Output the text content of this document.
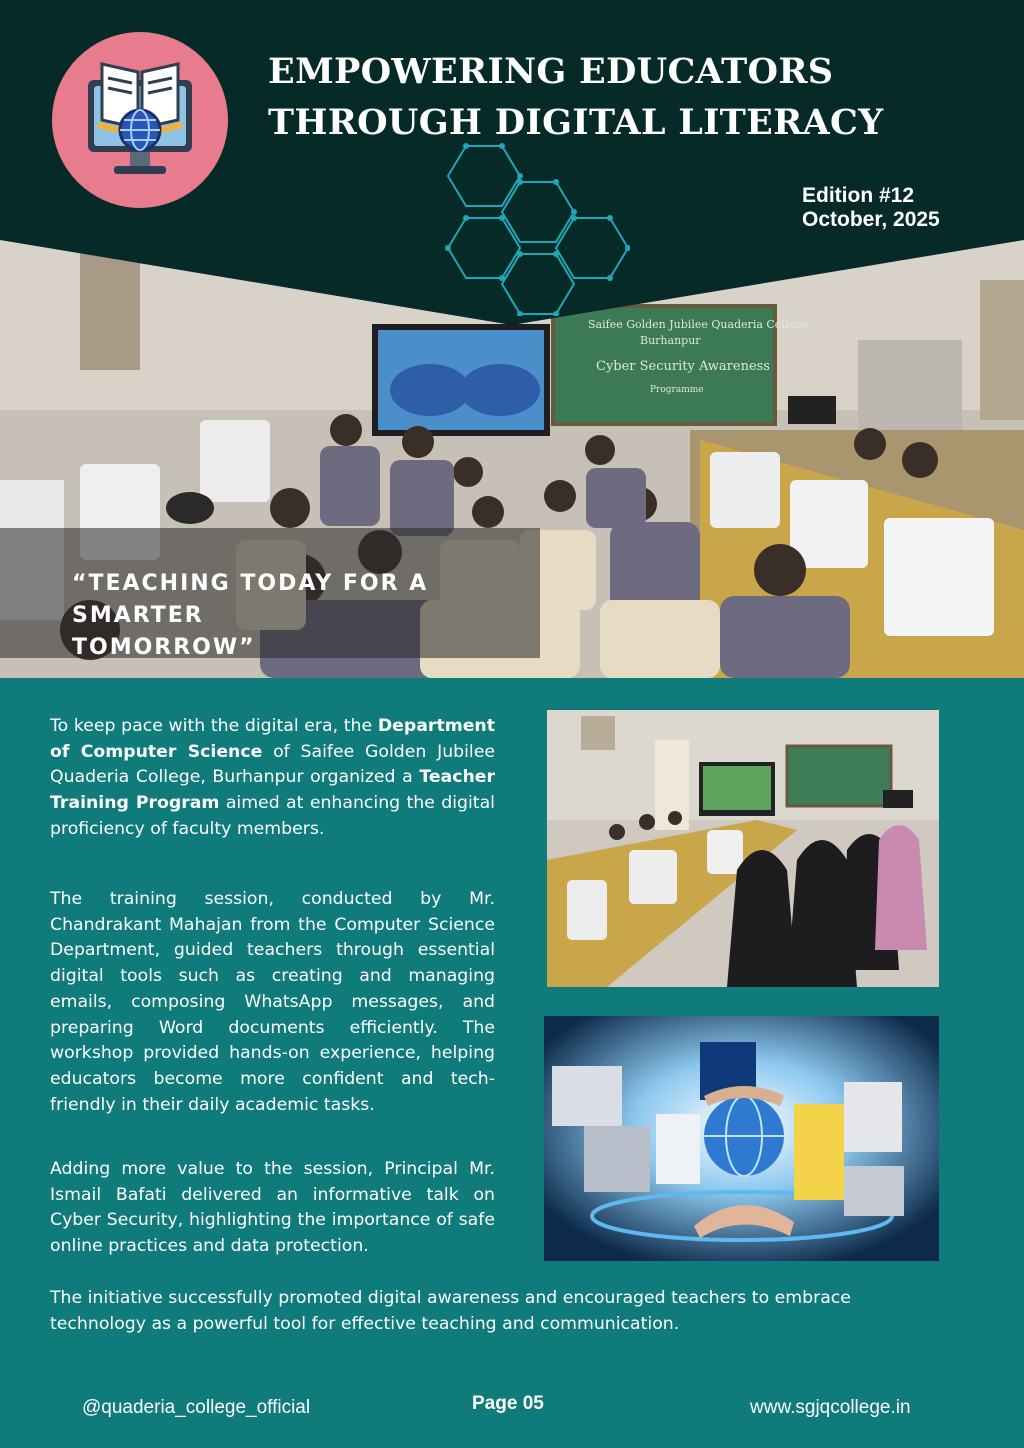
EMPOWERING EDUCATORS
THROUGH DIGITAL LITERACY
Edition #12
October, 2025
Saifee Golden Jubilee Quaderia College
Burhanpur
Cyber Security Awareness
Programme
“TEACHING TODAY FOR A SMARTER
TOMORROW”

To keep pace with the digital era, the Department of Computer Science of Saifee Golden Jubilee Quaderia College, Burhanpur organized a Teacher Training Program aimed at enhancing the digital proficiency of faculty members.

The training session, conducted by Mr. Chandrakant Mahajan from the Computer Science Department, guided teachers through essential digital tools such as creating and managing emails, composing WhatsApp messages, and preparing Word documents efficiently. The workshop provided hands-on experience, helping educators become more confident and tech-friendly in their daily academic tasks.

Adding more value to the session, Principal Mr. Ismail Bafati delivered an informative talk on Cyber Security, highlighting the importance of safe online practices and data protection.

The initiative successfully promoted digital awareness and encouraged teachers to embrace technology as a powerful tool for effective teaching and communication.

@quaderia_college_official	Page 05	www.sgjqcollege.in
